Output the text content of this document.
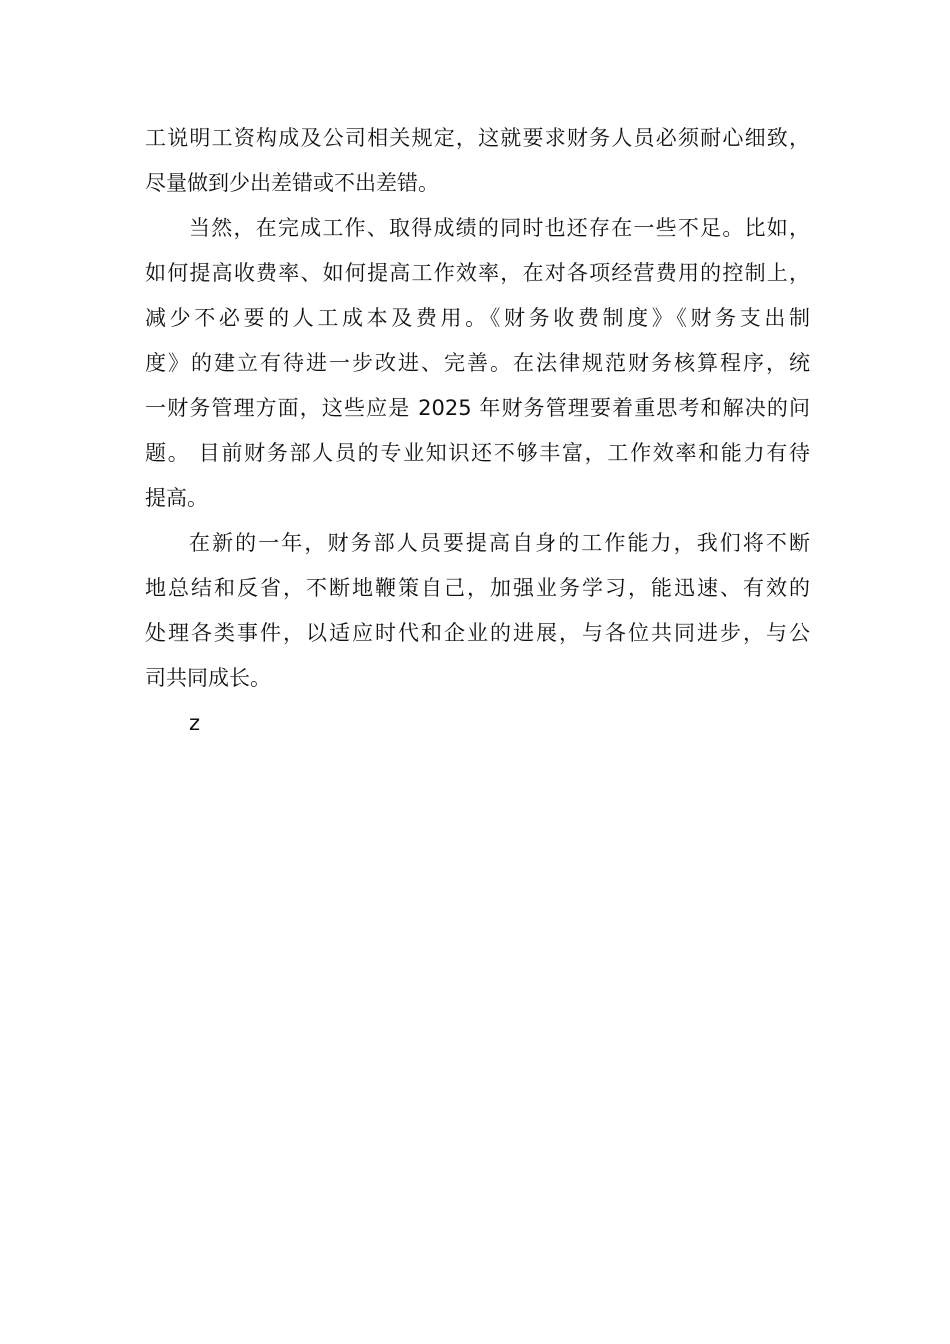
工说明工资构成及公司相关规定，这就要求财务人员必须耐心细致，
尽量做到少出差错或不出差错。
当然，在完成工作、取得成绩的同时也还存在一些不足。比如，
如何提高收费率、如何提高工作效率，在对各项经营费用的控制上，
减少不必要的人工成本及费用。《财务收费制度》《财务支出制
度》的建立有待进一步改进、完善。在法律规范财务核算程序，统
一财务管理方面，这些应是 2025 年财务管理要着重思考和解决的问
题。 目前财务部人员的专业知识还不够丰富，工作效率和能力有待
提高。
在新的一年，财务部人员要提高自身的工作能力，我们将不断
地总结和反省，不断地鞭策自己，加强业务学习，能迅速、有效的
处理各类事件，以适应时代和企业的进展，与各位共同进步，与公
司共同成长。
z
